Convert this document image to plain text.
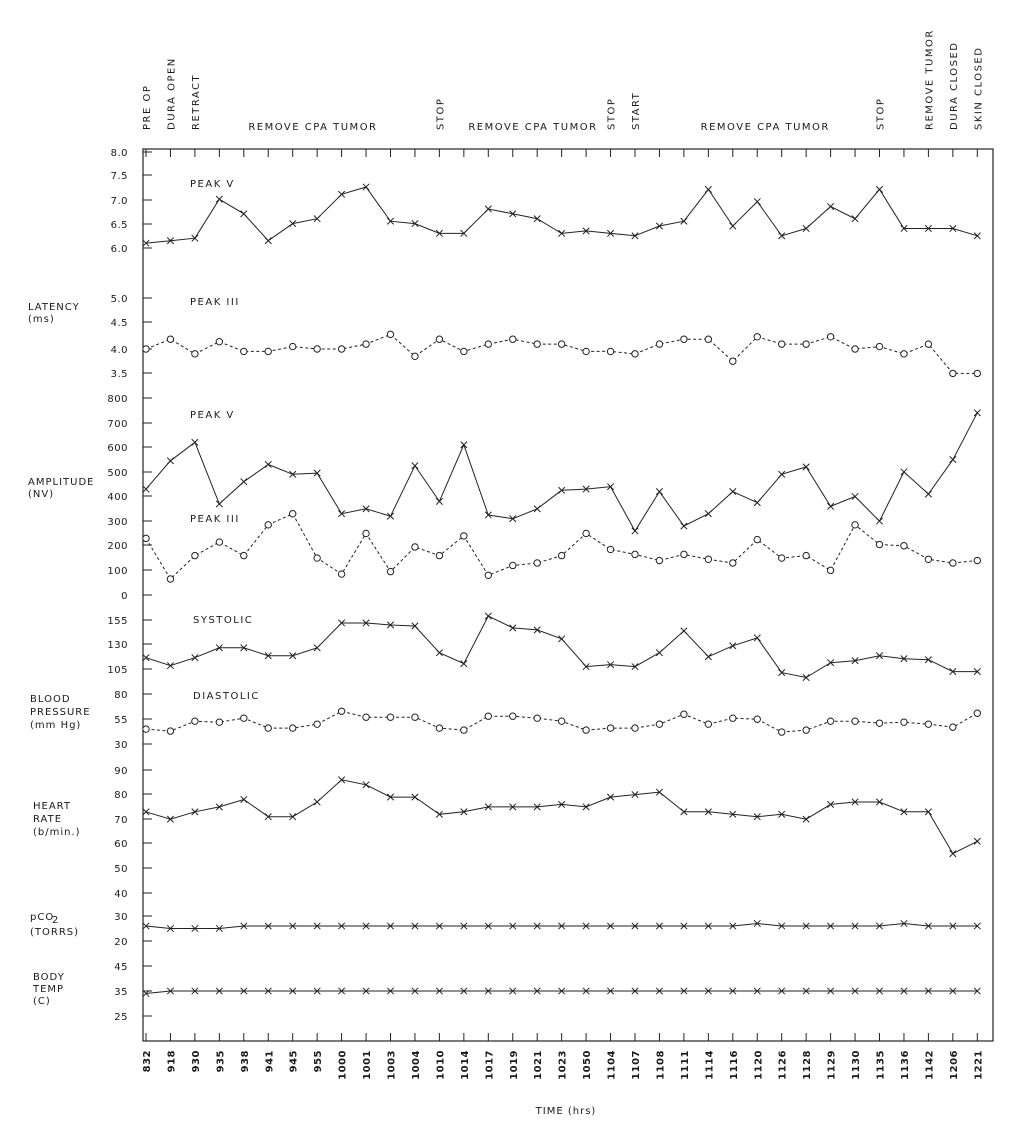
PRE OP DURA OPEN RETRACT	REMOVE CPA TUMOR	STOP REMOVE CPA TUMOR STOP START	REMOVE CPA TUMOR	STOP	REMOVE TUMOR DURA CLOSED SKIN CLOSED
8.0
7.5
7.0
6.5
6.0
5.0
4.5
4.0
3.5
800
700
600
500
400
300
200
100
0
155
130
105
80
55
30
90
80
70
60
50
40
30
20
45
35
25
LATENCY
(ms)
AMPLITUDE
(NV)
BLOOD
PRESSURE
(mm Hg)
HEART
RATE
(b/min.)
pCO
2
(TORRS)
BODY
TEMP
(C)
PEAK V
PEAK III
PEAK V
PEAK III
SYSTOLIC
DIASTOLIC
832 918 930 935 938 941 945 955 1000 1001 1003 1004 1010 1014 1017 1019 1021 1023 1050 1104 1107 1108 1111 1114 1116 1120 1126 1128 1129 1130 1135 1136 1142 1206 1221
TIME (hrs)
